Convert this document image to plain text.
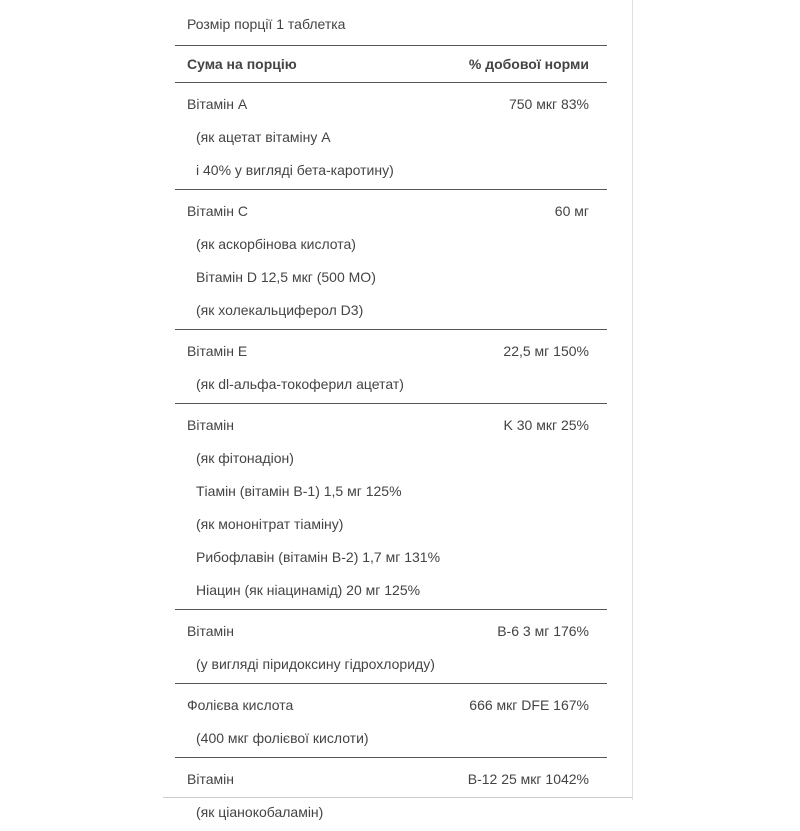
Розмір порції 1 таблетка
Сума на порцію	% добової норми
Вітамін A	750 мкг 83%
(як ацетат вітаміну A
і 40% у вигляді бета-каротину)
Вітамін C	60 мг
(як аскорбінова кислота)
Вітамін D 12,5 мкг (500 МО)
(як холекальциферол D3)
Вітамін E	22,5 мг 150%
(як dl-альфа-токоферил ацетат)
Вітамін	K 30 мкг 25%
(як фітонадіон)
Тіамін (вітамін B-1) 1,5 мг 125%
(як мононітрат тіаміну)
Рибофлавін (вітамін B-2) 1,7 мг 131%
Ніацин (як ніацинамід) 20 мг 125%
Вітамін	B-6 3 мг 176%
(у вигляді піридоксину гідрохлориду)
Фолієва кислота	666 мкг DFE 167%
(400 мкг фолієвої кислоти)
Вітамін	B-12 25 мкг 1042%
(як ціанокобаламін)
